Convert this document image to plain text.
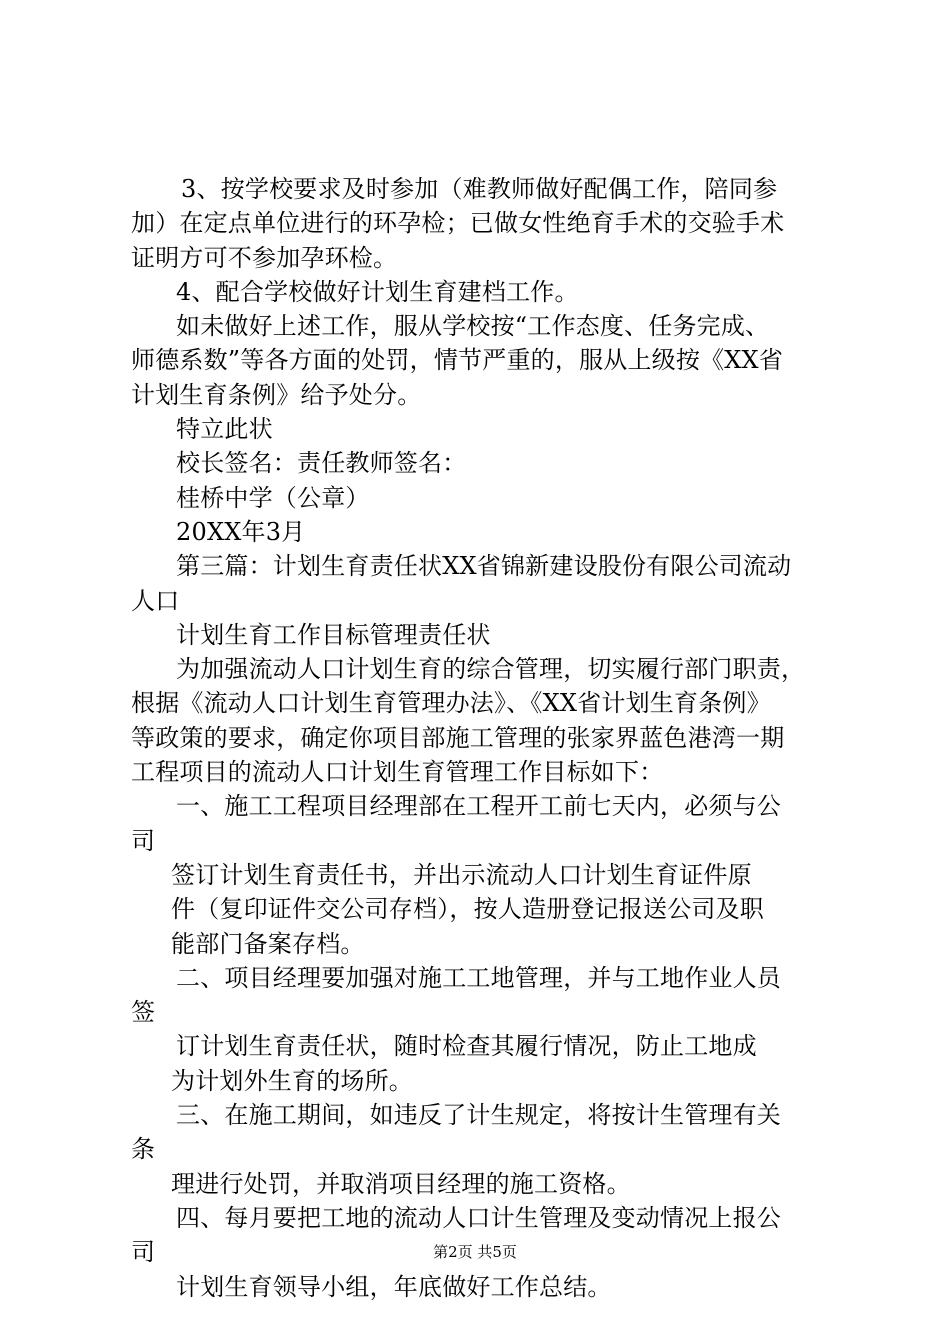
3、按学校要求及时参加（难教师做好配偶工作，陪同参
加）在定点单位进行的环孕检；已做女性绝育手术的交验手术
证明方可不参加孕环检。
4、配合学校做好计划生育建档工作。
如未做好上述工作，服从学校按“工作态度、任务完成、
师德系数”等各方面的处罚，情节严重的，服从上级按《XX省
计划生育条例》给予处分。
特立此状
校长签名：责任教师签名：
桂桥中学（公章）
20XX年3月
第三篇：计划生育责任状XX省锦新建设股份有限公司流动
人口
计划生育工作目标管理责任状
为加强流动人口计划生育的综合管理，切实履行部门职责，
根据《流动人口计划生育管理办法》、《XX省计划生育条例》
等政策的要求，确定你项目部施工管理的张家界蓝色港湾一期
工程项目的流动人口计划生育管理工作目标如下：
一、施工工程项目经理部在工程开工前七天内，必须与公
司
签订计划生育责任书，并出示流动人口计划生育证件原
件（复印证件交公司存档），按人造册登记报送公司及职
能部门备案存档。
二、项目经理要加强对施工工地管理，并与工地作业人员
签
订计划生育责任状，随时检查其履行情况，防止工地成
为计划外生育的场所。
三、在施工期间，如违反了计生规定，将按计生管理有关
条
理进行处罚，并取消项目经理的施工资格。
四、每月要把工地的流动人口计生管理及变动情况上报公
司
计划生育领导小组，年底做好工作总结。
第2页 共5页
